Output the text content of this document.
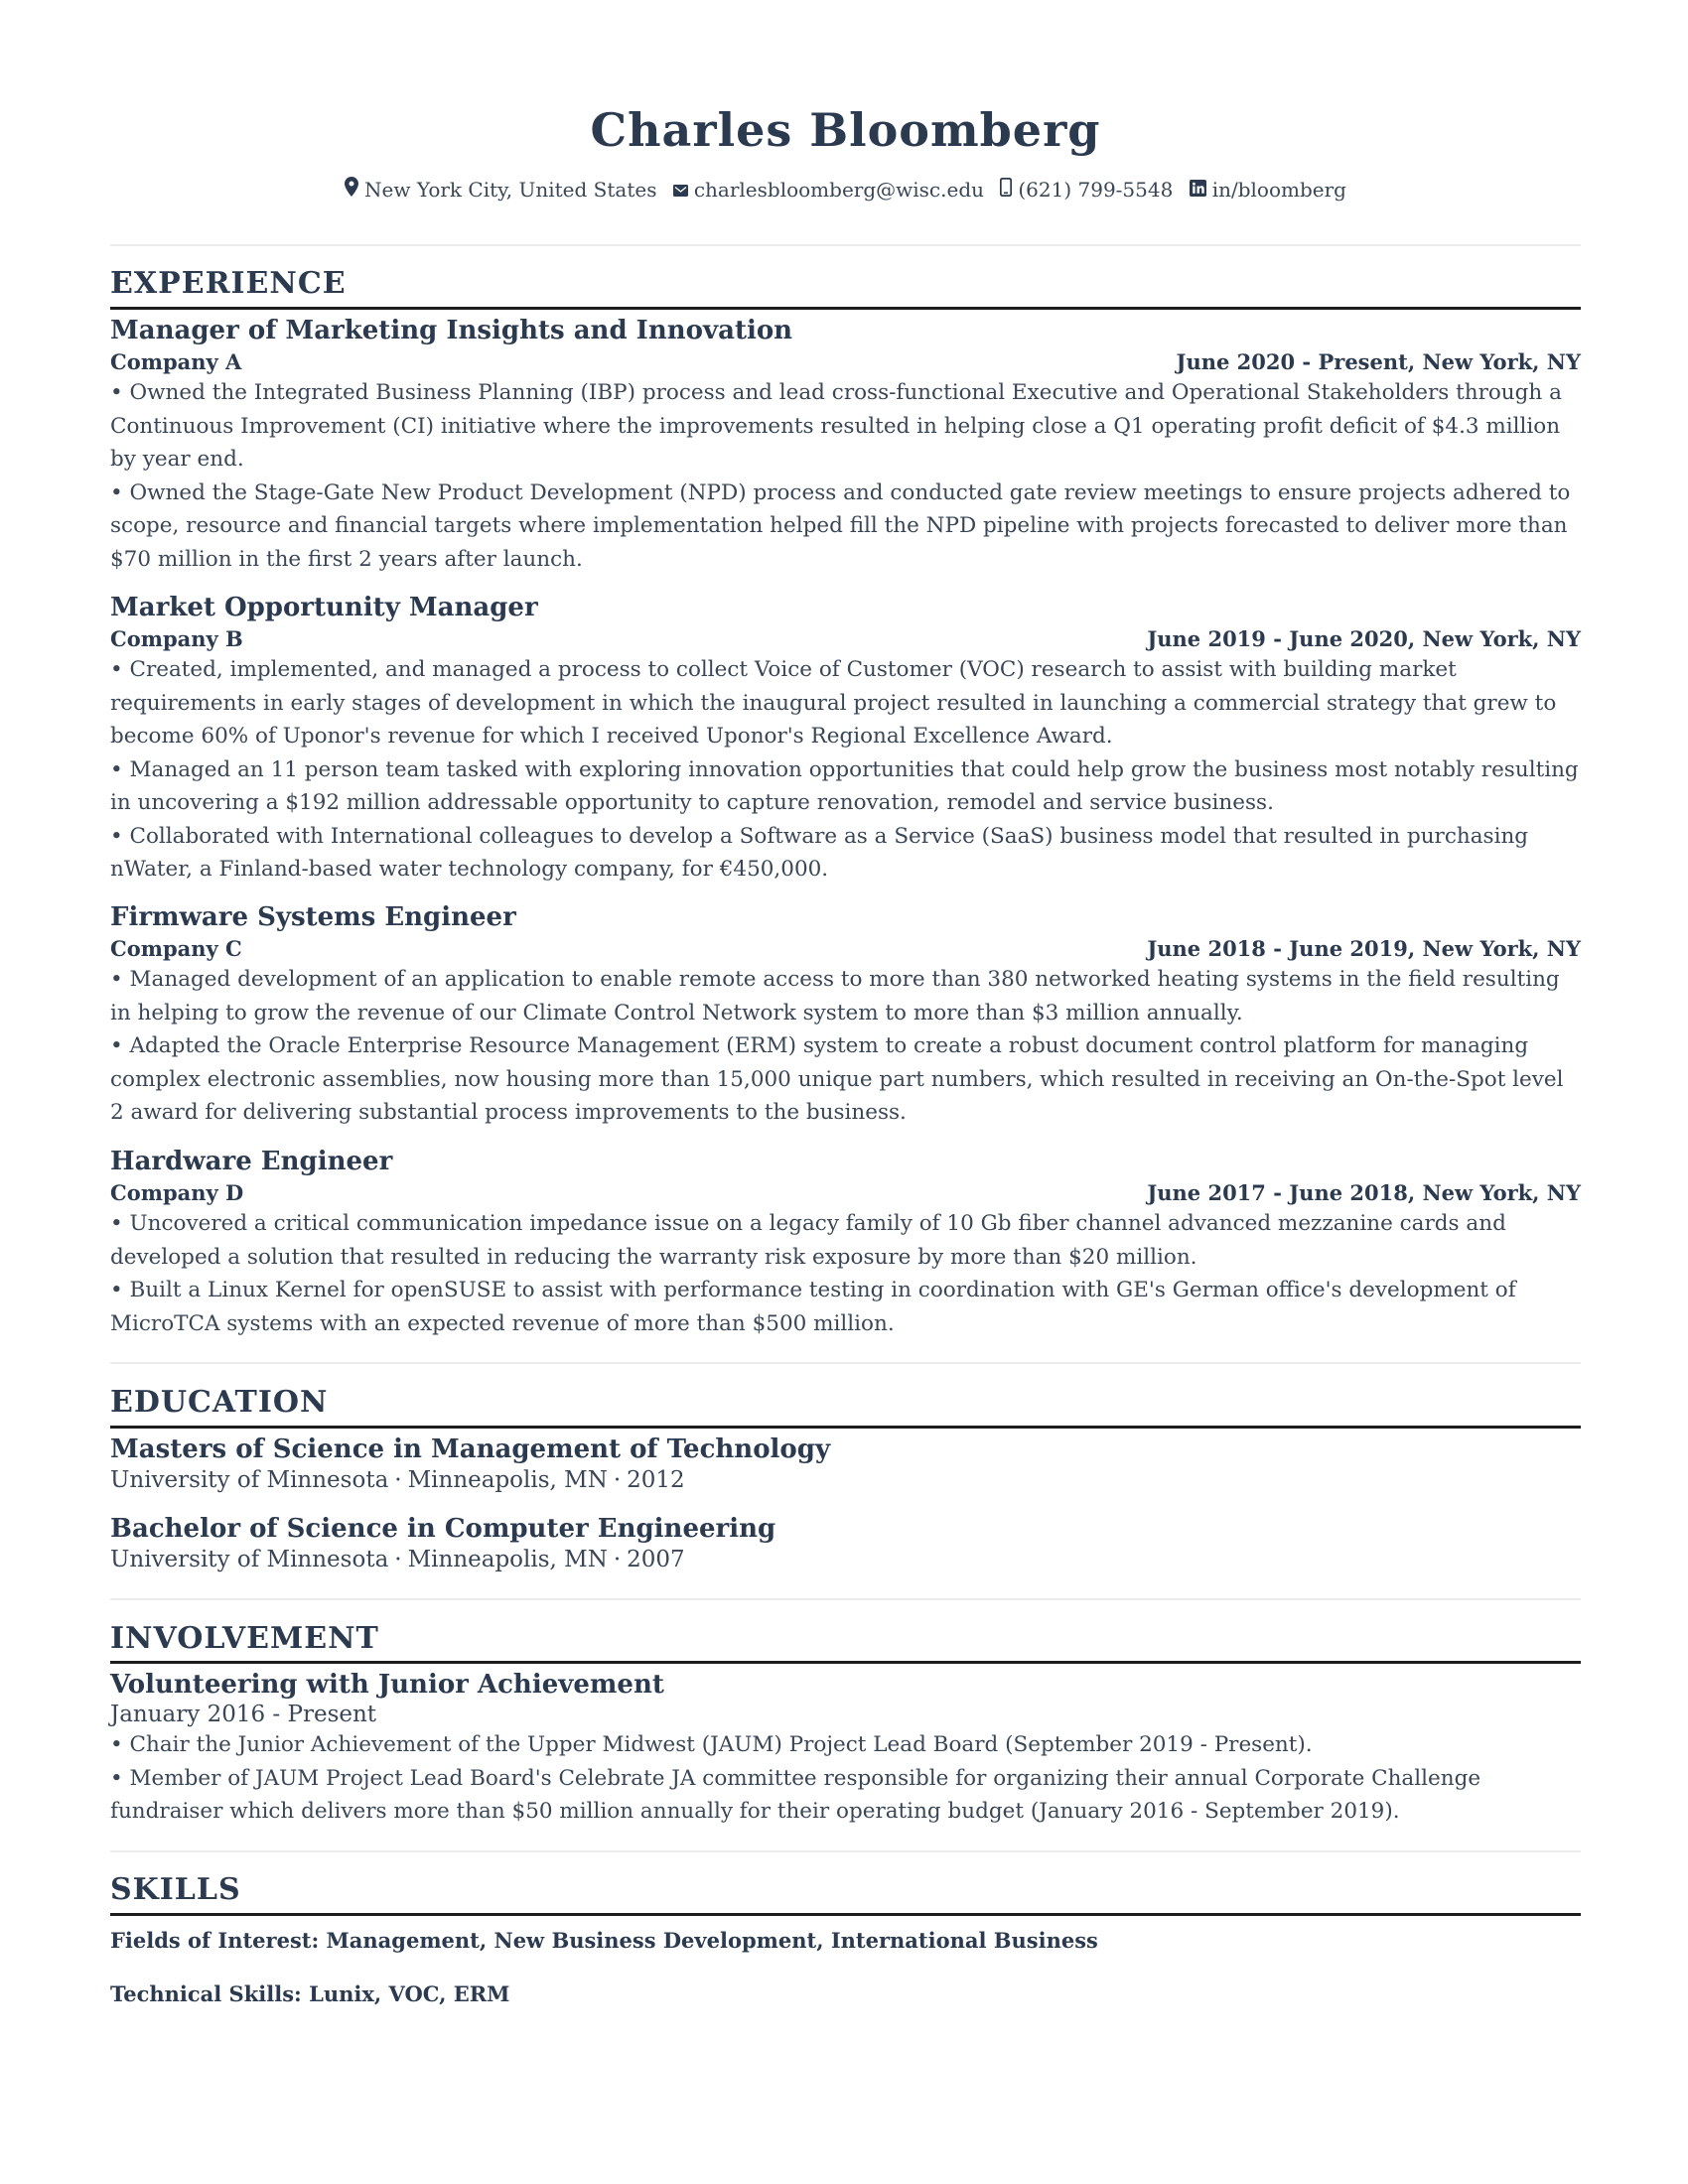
Charles Bloomberg
New York City, United States
charlesbloomberg@wisc.edu
(621) 799-5548
in/bloomberg
EXPERIENCE
Manager of Marketing Insights and Innovation
Company A	June 2020 - Present, New York, NY

• Owned the Integrated Business Planning (IBP) process and lead cross-functional Executive and Operational Stakeholders through a Continuous Improvement (CI) initiative where the improvements resulted in helping close a Q1 operating profit deficit of $4.3 million by year end.

• Owned the Stage-Gate New Product Development (NPD) process and conducted gate review meetings to ensure projects adhered to scope, resource and financial targets where implementation helped fill the NPD pipeline with projects forecasted to deliver more than $70 million in the first 2 years after launch.

Market Opportunity Manager
Company B	June 2019 - June 2020, New York, NY

• Created, implemented, and managed a process to collect Voice of Customer (VOC) research to assist with building market requirements in early stages of development in which the inaugural project resulted in launching a commercial strategy that grew to become 60% of Uponor's revenue for which I received Uponor's Regional Excellence Award.

• Managed an 11 person team tasked with exploring innovation opportunities that could help grow the business most notably resulting in uncovering a $192 million addressable opportunity to capture renovation, remodel and service business.

• Collaborated with International colleagues to develop a Software as a Service (SaaS) business model that resulted in purchasing nWater, a Finland-based water technology company, for €450,000.

Firmware Systems Engineer
Company C	June 2018 - June 2019, New York, NY

• Managed development of an application to enable remote access to more than 380 networked heating systems in the field resulting in helping to grow the revenue of our Climate Control Network system to more than $3 million annually.

• Adapted the Oracle Enterprise Resource Management (ERM) system to create a robust document control platform for managing complex electronic assemblies, now housing more than 15,000 unique part numbers, which resulted in receiving an On-the-Spot level 2 award for delivering substantial process improvements to the business.

Hardware Engineer
Company D	June 2017 - June 2018, New York, NY

• Uncovered a critical communication impedance issue on a legacy family of 10 Gb fiber channel advanced mezzanine cards and developed a solution that resulted in reducing the warranty risk exposure by more than $20 million.

• Built a Linux Kernel for openSUSE to assist with performance testing in coordination with GE's German office's development of MicroTCA systems with an expected revenue of more than $500 million.

EDUCATION
Masters of Science in Management of Technology
University of Minnesota · Minneapolis, MN · 2012
Bachelor of Science in Computer Engineering
University of Minnesota · Minneapolis, MN · 2007
INVOLVEMENT
Volunteering with Junior Achievement
January 2016 - Present

• Chair the Junior Achievement of the Upper Midwest (JAUM) Project Lead Board (September 2019 - Present).

• Member of JAUM Project Lead Board's Celebrate JA committee responsible for organizing their annual Corporate Challenge fundraiser which delivers more than $50 million annually for their operating budget (January 2016 - September 2019).

SKILLS
Fields of Interest: Management, New Business Development, International Business
Technical Skills: Lunix, VOC, ERM
